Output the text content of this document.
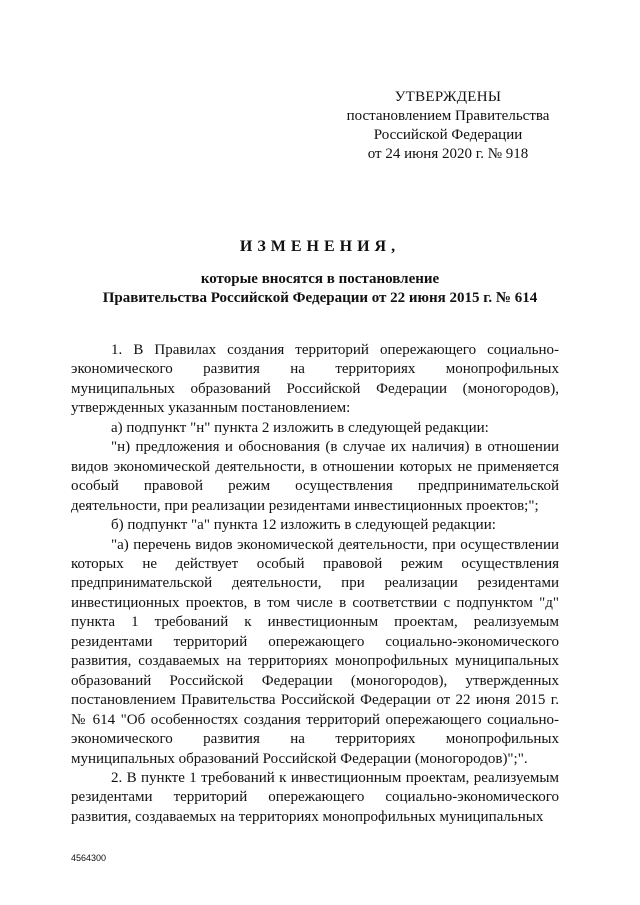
УТВЕРЖДЕНЫ
постановлением Правительства
Российской Федерации
от 24 июня 2020 г. № 918
ИЗМЕНЕНИЯ,
которые вносятся в постановление
Правительства Российской Федерации от 22 июня 2015 г. № 614

1. В Правилах создания территорий опережающего социально-экономического развития на территориях монопрофильных муниципальных образований Российской Федерации (моногородов), утвержденных указанным постановлением:

а) подпункт "н" пункта 2 изложить в следующей редакции:

"н) предложения и обоснования (в случае их наличия) в отношении видов экономической деятельности, в отношении которых не применяется особый правовой режим осуществления предпринимательской деятельности, при реализации резидентами инвестиционных проектов;";

б) подпункт "а" пункта 12 изложить в следующей редакции:

"а) перечень видов экономической деятельности, при осуществлении которых не действует особый правовой режим осуществления предпринимательской деятельности, при реализации резидентами инвестиционных проектов, в том числе в соответствии с подпунктом "д" пункта 1 требований к инвестиционным проектам, реализуемым резидентами территорий опережающего социально-экономического развития, создаваемых на территориях монопрофильных муниципальных образований Российской Федерации (моногородов), утвержденных постановлением Правительства Российской Федерации от 22 июня 2015 г. № 614 "Об особенностях создания территорий опережающего социально-экономического развития на территориях монопрофильных муниципальных образований Российской Федерации (моногородов)";".

2. В пункте 1 требований к инвестиционным проектам, реализуемым резидентами территорий опережающего социально-экономического развития, создаваемых на территориях монопрофильных муниципальных

4564300
